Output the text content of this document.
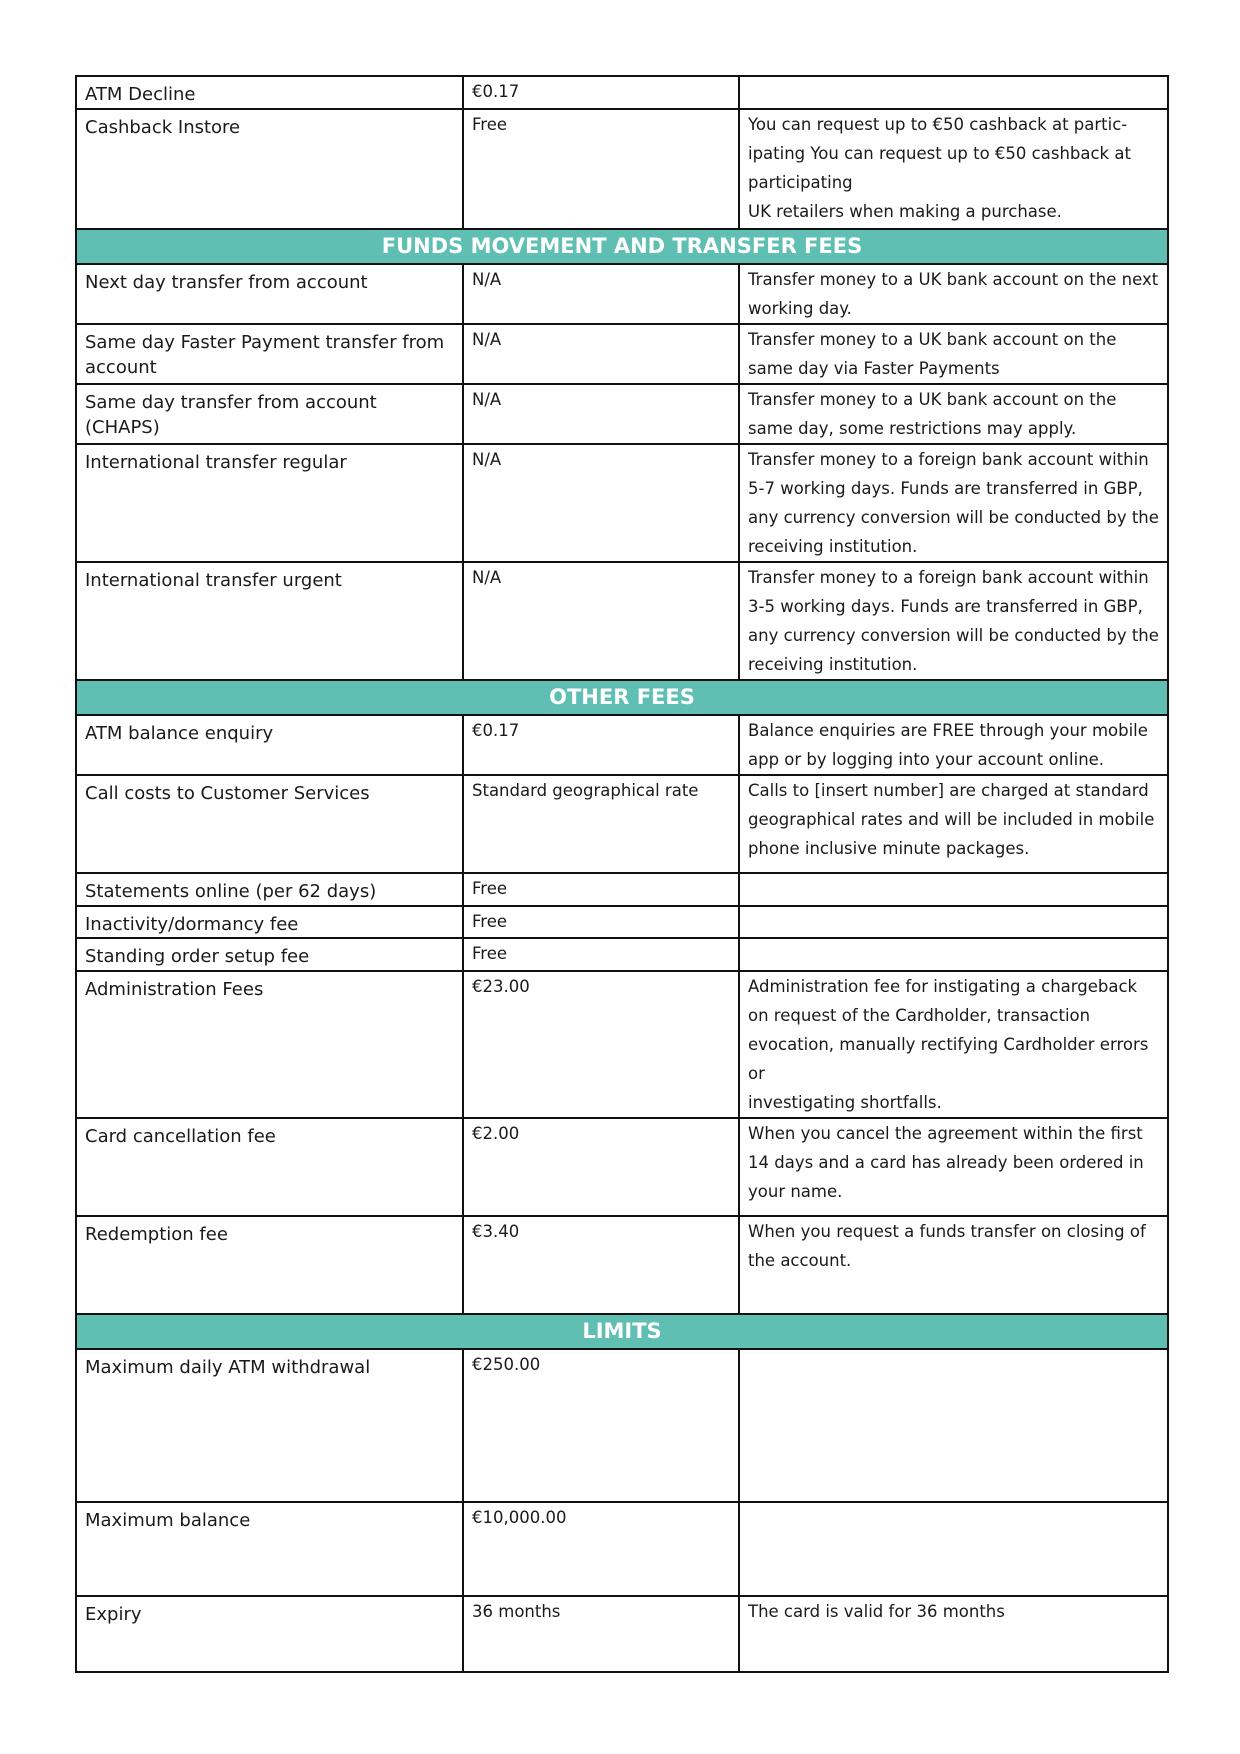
ATM Decline	€0.17	

Cashback Instore	Free	You can request up to €50 cashback at partic-
ipating You can request up to €50 cashback at participating
UK retailers when making a purchase.

FUNDS MOVEMENT AND TRANSFER FEES		
Next day transfer from account	N/A	Transfer money to a UK bank account on the next working day.

Same day Faster Payment transfer from account	N/A	Transfer money to a UK bank account on the same day via Faster Payments

Same day transfer from account (CHAPS)	N/A	Transfer money to a UK bank account on the same day, some restrictions may apply.

International transfer regular	N/A	Transfer money to a foreign bank account within 5-7 working days. Funds are transferred in GBP, any currency conversion will be conducted by the receiving institution.

International transfer urgent	N/A	Transfer money to a foreign bank account within 3-5 working days. Funds are transferred in GBP, any currency conversion will be conducted by the receiving institution.

OTHER FEES		
ATM balance enquiry	€0.17	Balance enquiries are FREE through your mobile app or by logging into your account online.

Call costs to Customer Services	Standard geographical rate	Calls to [insert number] are charged at standard geographical rates and will be included in mobile phone inclusive minute packages.

Statements online (per 62 days)	Free	

Inactivity/dormancy fee	Free	

Standing order setup fee	Free	

Administration Fees	€23.00	Administration fee for instigating a chargeback on request of the Cardholder, transaction evocation, manually rectifying Cardholder errors or
investigating shortfalls.

Card cancellation fee	€2.00	When you cancel the agreement within the first 14 days and a card has already been ordered in your name.

Redemption fee	€3.40	When you request a funds transfer on closing of the account.

LIMITS		
Maximum daily ATM withdrawal	€250.00	

Maximum balance	€10,000.00	

Expiry	36 months	The card is valid for 36 months
